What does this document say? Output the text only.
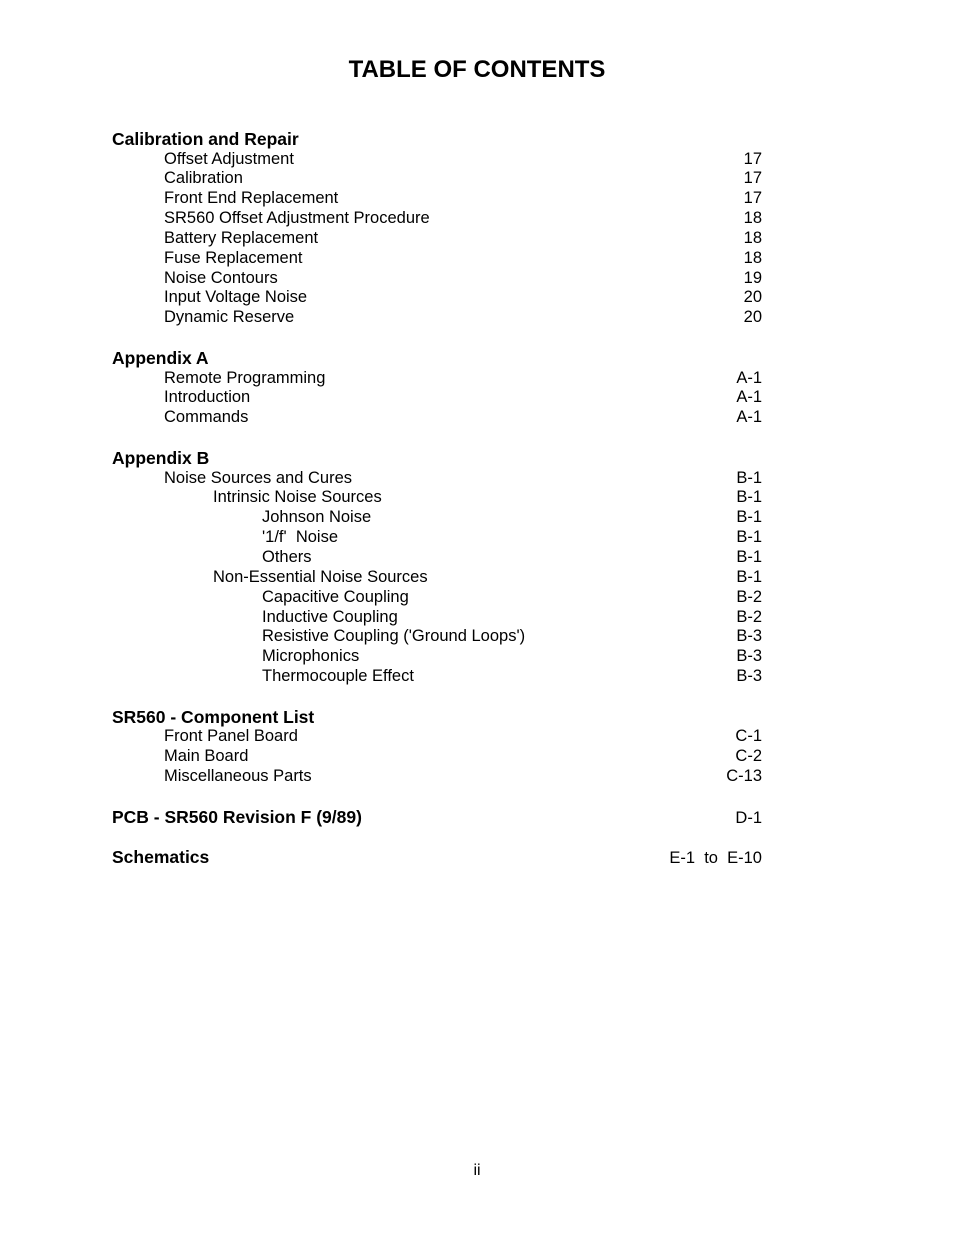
TABLE OF CONTENTS
Calibration and Repair
Offset Adjustment	17
Calibration	17
Front End Replacement	17
SR560 Offset Adjustment Procedure	18
Battery Replacement	18
Fuse Replacement	18
Noise Contours	19
Input Voltage Noise	20
Dynamic Reserve	20
Appendix A
Remote Programming	A-1
Introduction	A-1
Commands	A-1
Appendix B
Noise Sources and Cures	B-1
Intrinsic Noise Sources	B-1
Johnson Noise	B-1
'1/f'  Noise	B-1
Others	B-1
Non-Essential Noise Sources	B-1
Capacitive Coupling	B-2
Inductive Coupling	B-2
Resistive Coupling ('Ground Loops')	B-3
Microphonics	B-3
Thermocouple Effect	B-3
SR560 - Component List
Front Panel Board	C-1
Main Board	C-2
Miscellaneous Parts	C-13
PCB - SR560 Revision F (9/89)	D-1
Schematics	E-1  to  E-10
ii
